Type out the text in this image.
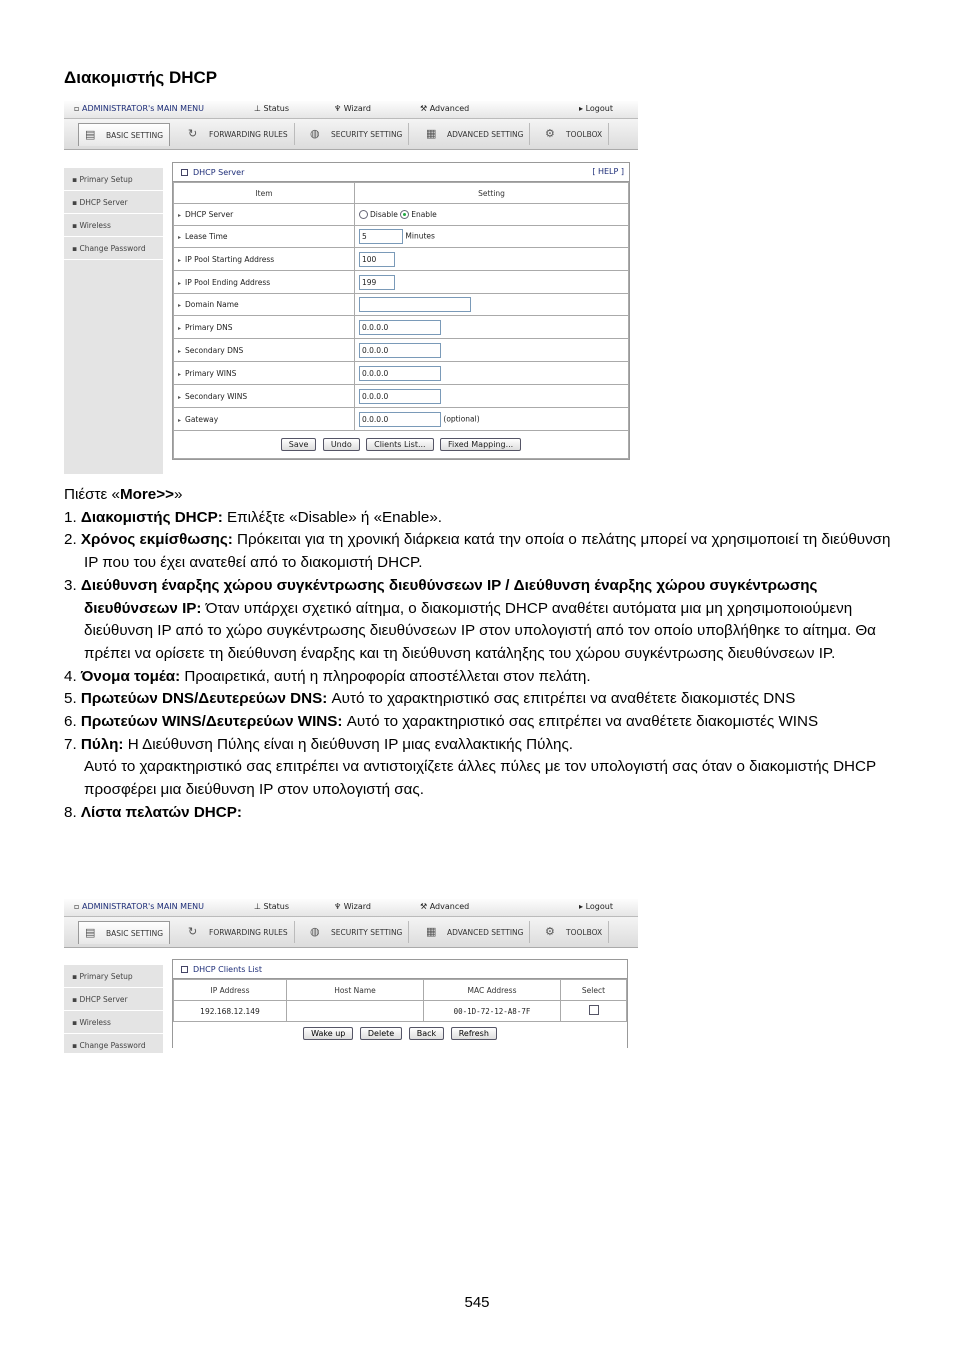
Διακομιστής DHCP
▫ ADMINISTRATOR's MAIN MENU	⊥ Status	♆ Wizard	⚒ Advanced	▸ Logout
▤	BASIC SETTING ↻	FORWARDING RULES ◍	SECURITY SETTING ▦	ADVANCED SETTING ⚙	TOOLBOX
▪ Primary Setup
▪ DHCP Server
▪ Wireless
▪ Change Password
DHCP Server	[ HELP ]
Item	Setting
▸ DHCP Server	Disable Enable
▸ Lease Time	5 Minutes
▸ IP Pool Starting Address	100
▸ IP Pool Ending Address	199
▸ Domain Name	
▸ Primary DNS	0.0.0.0
▸ Secondary DNS	0.0.0.0
▸ Primary WINS	0.0.0.0
▸ Secondary WINS	0.0.0.0
▸ Gateway	0.0.0.0 (optional)
Save Undo Clients List... Fixed Mapping...	

Πιέστε «More>>»

1. Διακομιστής DHCP: Επιλέξτε «Disable» ή «Enable».

2. Χρόνος εκμίσθωσης: Πρόκειται για τη χρονική διάρκεια κατά την οποία ο πελάτης μπορεί να χρησιμοποιεί τη διεύθυνση IP που του έχει ανατεθεί από το διακομιστή DHCP.

3. Διεύθυνση έναρξης χώρου συγκέντρωσης διευθύνσεων IP / Διεύθυνση έναρξης χώρου συγκέντρωσης διευθύνσεων IP: Όταν υπάρχει σχετικό αίτημα, ο διακομιστής DHCP αναθέτει αυτόματα μια μη χρησιμοποιούμενη διεύθυνση IP από το χώρο συγκέντρωσης διευθύνσεων IP στον υπολογιστή από τον οποίο υποβλήθηκε το αίτημα. Θα πρέπει να ορίσετε τη διεύθυνση έναρξης και τη διεύθυνση κατάληξης του χώρου συγκέντρωσης διευθύνσεων IP.

4. Όνομα τομέα: Προαιρετικά, αυτή η πληροφορία αποστέλλεται στον πελάτη.

5. Πρωτεύων DNS/Δευτερεύων DNS: Αυτό το χαρακτηριστικό σας επιτρέπει να αναθέτετε διακομιστές DNS

6. Πρωτεύων WINS/Δευτερεύων WINS: Αυτό το χαρακτηριστικό σας επιτρέπει να αναθέτετε διακομιστές WINS

7. Πύλη: Η Διεύθυνση Πύλης είναι η διεύθυνση IP μιας εναλλακτικής Πύλης.

Αυτό το χαρακτηριστικό σας επιτρέπει να αντιστοιχίζετε άλλες πύλες με τον υπολογιστή σας όταν ο διακομιστής DHCP προσφέρει μια διεύθυνση IP στον υπολογιστή σας.

8. Λίστα πελατών DHCP:

▫ ADMINISTRATOR's MAIN MENU	⊥ Status	♆ Wizard	⚒ Advanced	▸ Logout
▤	BASIC SETTING ↻	FORWARDING RULES ◍	SECURITY SETTING ▦	ADVANCED SETTING ⚙	TOOLBOX
▪ Primary Setup
▪ DHCP Server
▪ Wireless
▪ Change Password
DHCP Clients List
IP Address	Host Name	MAC Address	Select
192.168.12.149		00-1D-72-12-A8-7F	
Wake up	Delete	Back	Refresh
545
